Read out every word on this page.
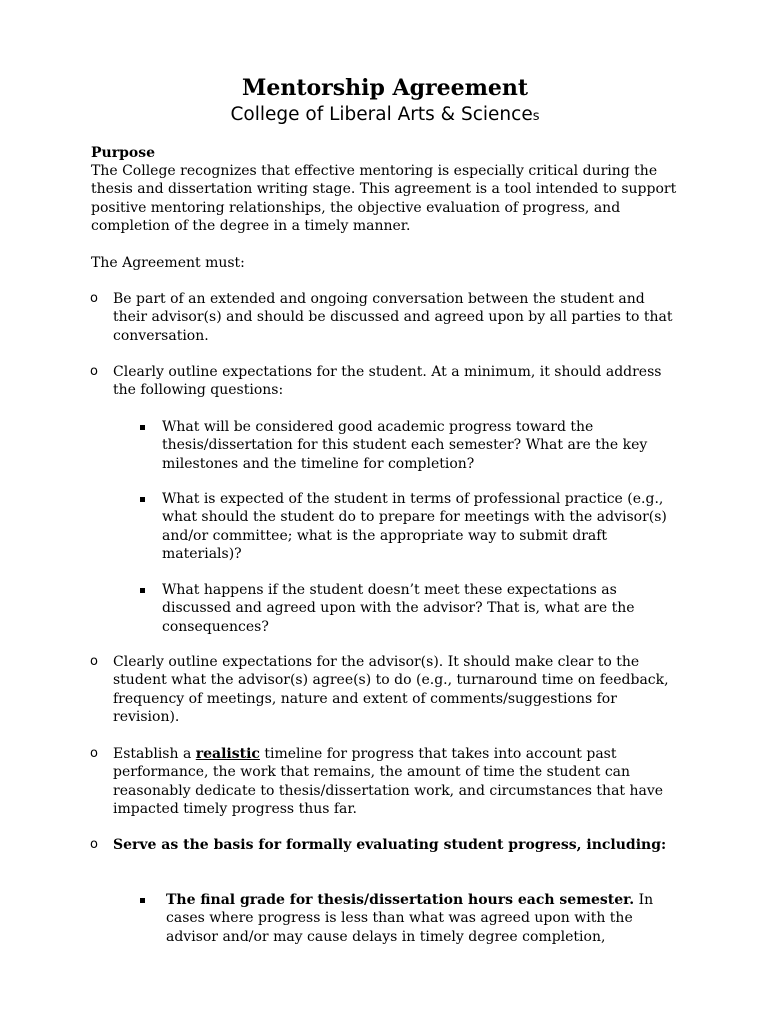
Mentorship Agreement
College of Liberal Arts & Sciences
Purpose

The College recognizes that effective mentoring is especially critical during the thesis and dissertation writing stage. This agreement is a tool intended to support positive mentoring relationships, the objective evaluation of progress, and completion of the degree in a timely manner.

The Agreement must:

o Be part of an extended and ongoing conversation between the student and their advisor(s) and should be discussed and agreed upon by all parties to that conversation.
o Clearly outline expectations for the student. At a minimum, it should address the following questions:
What will be considered good academic progress toward the thesis/dissertation for this student each semester? What are the key milestones and the timeline for completion?
What is expected of the student in terms of professional practice (e.g., what should the student do to prepare for meetings with the advisor(s) and/or committee; what is the appropriate way to submit draft materials)?
What happens if the student doesn’t meet these expectations as discussed and agreed upon with the advisor? That is, what are the consequences?
o Clearly outline expectations for the advisor(s). It should make clear to the student what the advisor(s) agree(s) to do (e.g., turnaround time on feedback, frequency of meetings, nature and extent of comments/suggestions for revision).
o Establish a realistic timeline for progress that takes into account past performance, the work that remains, the amount of time the student can reasonably dedicate to thesis/dissertation work, and circumstances that have impacted timely progress thus far.
o Serve as the basis for formally evaluating student progress, including:
The final grade for thesis/dissertation hours each semester. In cases where progress is less than what was agreed upon with the advisor and/or may cause delays in timely degree completion,
